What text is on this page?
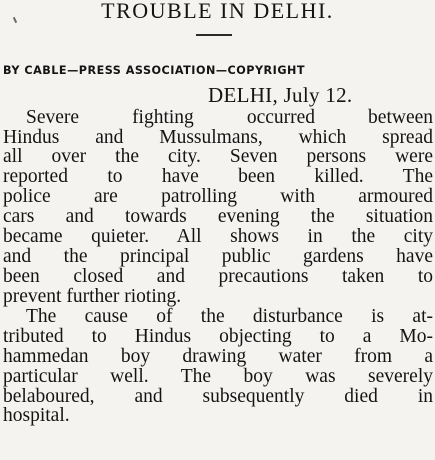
TROUBLE IN DELHI.
BY CABLE—PRESS ASSOCIATION—COPYRIGHT
DELHI, July 12.
Severe fighting occurred between
Hindus and Mussulmans, which spread
all over the city. Seven persons were
reported to have been killed. The
police are patrolling with armoured
cars and towards evening the situation
became quieter. All shows in the city
and the principal public gardens have
been closed and precautions taken to
prevent further rioting.
The cause of the disturbance is at-
tributed to Hindus objecting to a Mo-
hammedan boy drawing water from a
particular well. The boy was severely
belaboured, and subsequently died in
hospital.
